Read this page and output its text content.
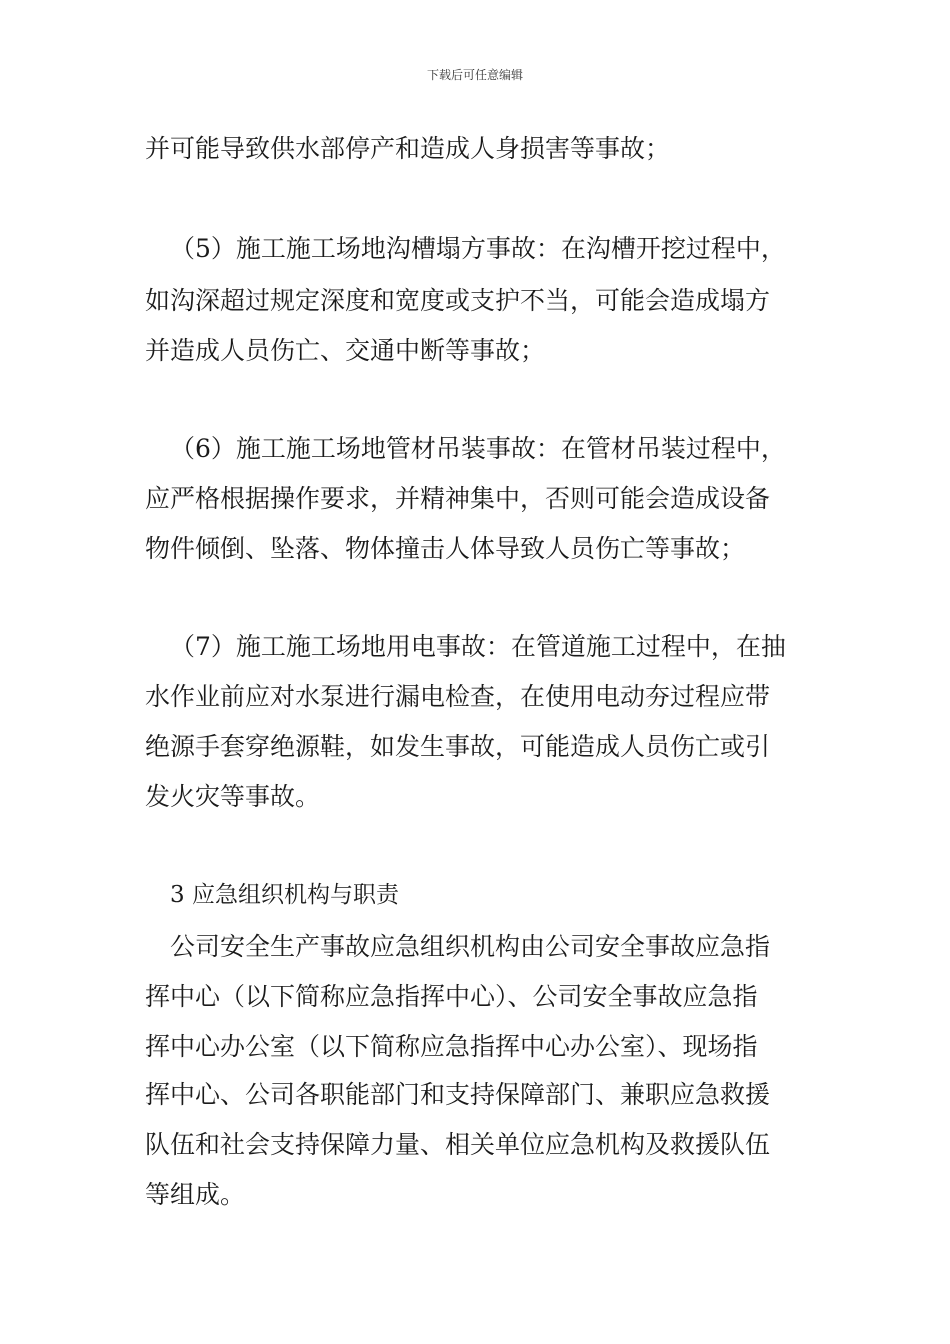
下载后可任意编辑
并可能导致供水部停产和造成人身损害等事故；
（5）施工施工场地沟槽塌方事故：在沟槽开挖过程中，
如沟深超过规定深度和宽度或支护不当，可能会造成塌方
并造成人员伤亡、交通中断等事故；
（6）施工施工场地管材吊装事故：在管材吊装过程中，
应严格根据操作要求，并精神集中，否则可能会造成设备
物件倾倒、坠落、物体撞击人体导致人员伤亡等事故；
（7）施工施工场地用电事故：在管道施工过程中，在抽
水作业前应对水泵进行漏电检查，在使用电动夯过程应带
绝源手套穿绝源鞋，如发生事故，可能造成人员伤亡或引
发火灾等事故。
3 应急组织机构与职责
公司安全生产事故应急组织机构由公司安全事故应急指
挥中心（以下简称应急指挥中心）、公司安全事故应急指
挥中心办公室（以下简称应急指挥中心办公室）、现场指
挥中心、公司各职能部门和支持保障部门、兼职应急救援
队伍和社会支持保障力量、相关单位应急机构及救援队伍
等组成。
